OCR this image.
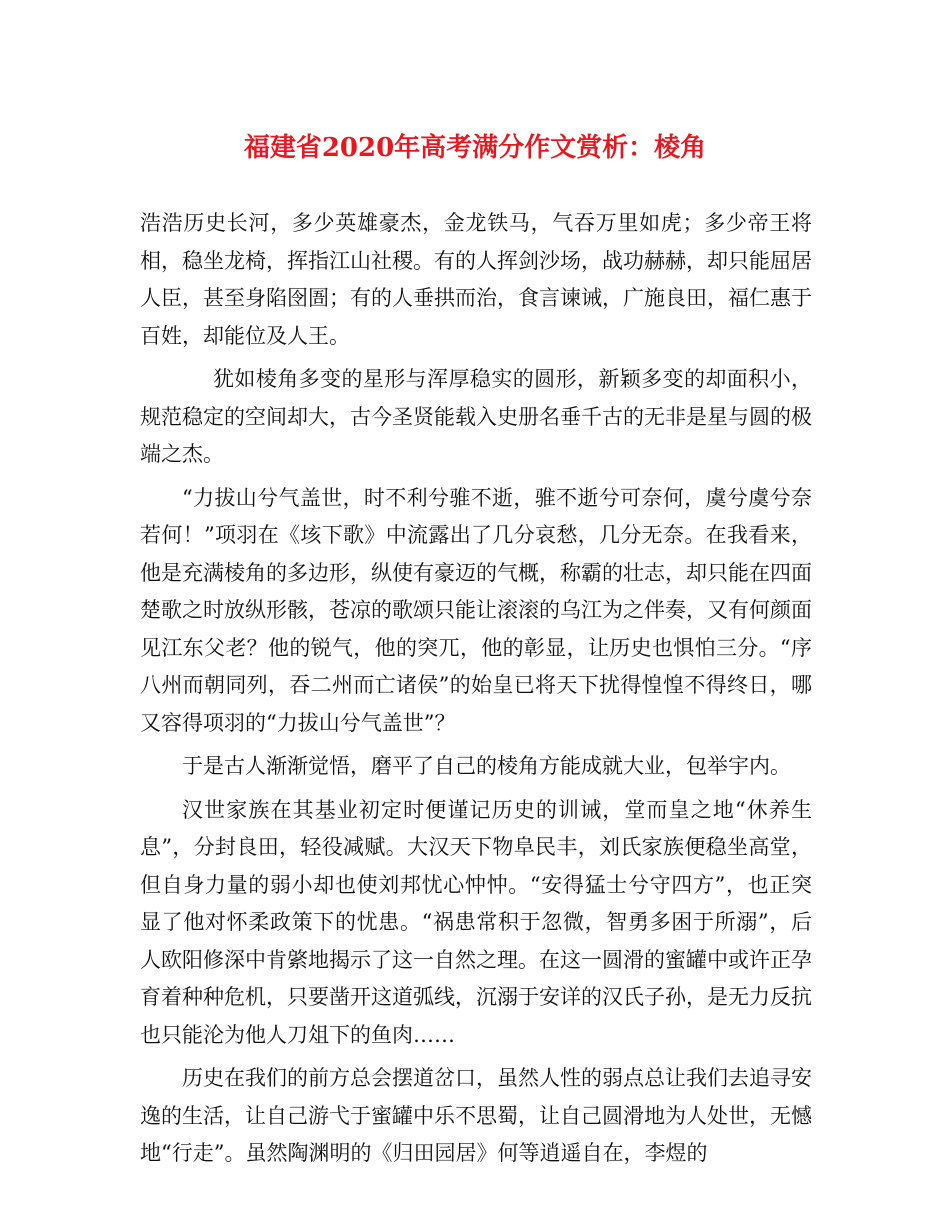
福建省2020年高考满分作文赏析：棱角

浩浩历史长河，多少英雄豪杰，金龙铁马，气吞万里如虎；多少帝王将相，稳坐龙椅，挥指江山社稷。有的人挥剑沙场，战功赫赫，却只能屈居人臣，甚至身陷囹圄；有的人垂拱而治，食言谏诫，广施良田，福仁惠于百姓，却能位及人王。

犹如棱角多变的星形与浑厚稳实的圆形，新颖多变的却面积小，规范稳定的空间却大，古今圣贤能载入史册名垂千古的无非是星与圆的极端之杰。

“力拔山兮气盖世，时不利兮骓不逝，骓不逝兮可奈何，虞兮虞兮奈若何！”项羽在《垓下歌》中流露出了几分哀愁，几分无奈。在我看来，他是充满棱角的多边形，纵使有豪迈的气概，称霸的壮志，却只能在四面楚歌之时放纵形骸，苍凉的歌颂只能让滚滚的乌江为之伴奏，又有何颜面见江东父老？他的锐气，他的突兀，他的彰显，让历史也惧怕三分。“序八州而朝同列，吞二州而亡诸侯”的始皇已将天下扰得惶惶不得终日，哪又容得项羽的“力拔山兮气盖世”？

于是古人渐渐觉悟，磨平了自己的棱角方能成就大业，包举宇内。

汉世家族在其基业初定时便谨记历史的训诫，堂而皇之地“休养生息”，分封良田，轻役减赋。大汉天下物阜民丰，刘氏家族便稳坐高堂，但自身力量的弱小却也使刘邦忧心忡忡。“安得猛士兮守四方”，也正突显了他对怀柔政策下的忧患。“祸患常积于忽微，智勇多困于所溺”，后人欧阳修深中肯綮地揭示了这一自然之理。在这一圆滑的蜜罐中或许正孕育着种种危机，只要凿开这道弧线，沉溺于安详的汉氏子孙，是无力反抗也只能沦为他人刀俎下的鱼肉……

历史在我们的前方总会摆道岔口，虽然人性的弱点总让我们去追寻安逸的生活，让自己游弋于蜜罐中乐不思蜀，让自己圆滑地为人处世，无憾地“行走”。虽然陶渊明的《归田园居》何等逍遥自在，李煜的
